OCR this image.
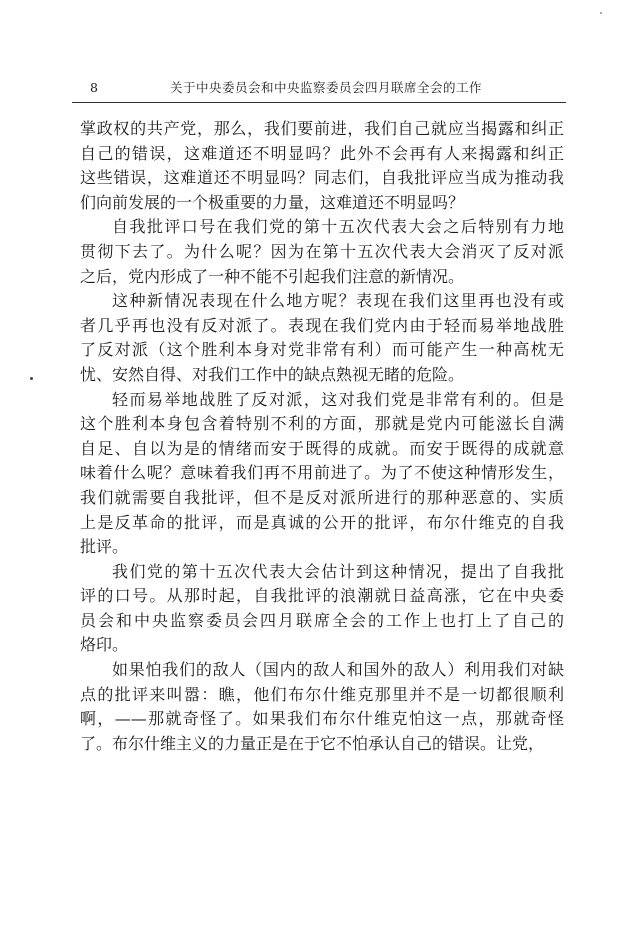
8	关于中央委员会和中央监察委员会四月联席全会的工作
掌政权的共产党，那么，我们要前进，我们自己就应当揭露和纠正
自己的错误，这难道还不明显吗？此外不会再有人来揭露和纠正
这些错误，这难道还不明显吗？同志们，自我批评应当成为推动我
们向前发展的一个极重要的力量，这难道还不明显吗？
自我批评口号在我们党的第十五次代表大会之后特别有力地
贯彻下去了。为什么呢？因为在第十五次代表大会消灭了反对派
之后，党内形成了一种不能不引起我们注意的新情况。
这种新情况表现在什么地方呢？表现在我们这里再也没有或
者几乎再也没有反对派了。表现在我们党内由于轻而易举地战胜
了反对派（这个胜利本身对党非常有利）而可能产生一种高枕无
忧、安然自得、对我们工作中的缺点熟视无睹的危险。
轻而易举地战胜了反对派，这对我们党是非常有利的。但是
这个胜利本身包含着特别不利的方面，那就是党内可能滋长自满
自足、自以为是的情绪而安于既得的成就。而安于既得的成就意
味着什么呢？意味着我们再不用前进了。为了不使这种情形发生，
我们就需要自我批评，但不是反对派所进行的那种恶意的、实质
上是反革命的批评，而是真诚的公开的批评，布尔什维克的自我
批评。
我们党的第十五次代表大会估计到这种情况，提出了自我批
评的口号。从那时起，自我批评的浪潮就日益高涨，它在中央委
员会和中央监察委员会四月联席全会的工作上也打上了自己的
烙印。
如果怕我们的敌人（国内的敌人和国外的敌人）利用我们对缺
点的批评来叫嚣：瞧，他们布尔什维克那里并不是一切都很顺利
啊，——那就奇怪了。如果我们布尔什维克怕这一点，那就奇怪
了。布尔什维主义的力量正是在于它不怕承认自己的错误。让党，
